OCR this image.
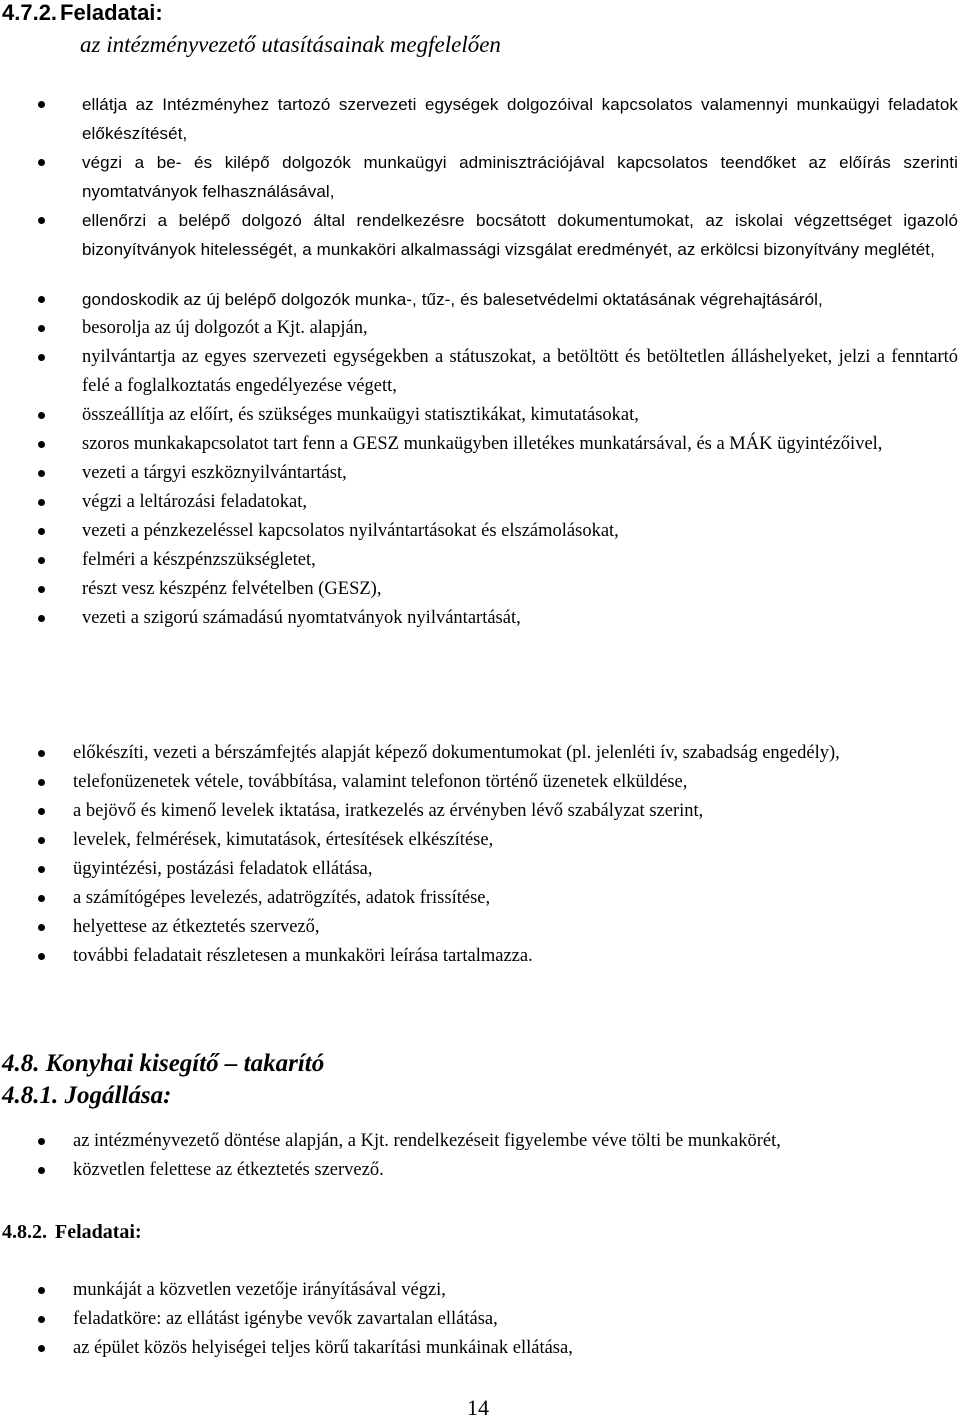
4.7.2. Feladatai:
az intézményvezető utasításainak megfelelően
ellátja az Intézményhez tartozó szervezeti egységek dolgozóival kapcsolatos valamennyi munkaügyi feladatok előkészítését,
végzi a be- és kilépő dolgozók munkaügyi adminisztrációjával kapcsolatos teendőket az előírás szerinti nyomtatványok felhasználásával,
ellenőrzi a belépő dolgozó által rendelkezésre bocsátott dokumentumokat, az iskolai végzettséget igazoló bizonyítványok hitelességét, a munkaköri alkalmassági vizsgálat eredményét, az erkölcsi bizonyítvány meglétét,
gondoskodik az új belépő dolgozók munka-, tűz-, és balesetvédelmi oktatásának végrehajtásáról,
besorolja az új dolgozót a Kjt. alapján,
nyilvántartja az egyes szervezeti egységekben a státuszokat, a betöltött és betöltetlen álláshelyeket, jelzi a fenntartó felé a foglalkoztatás engedélyezése végett,
összeállítja az előírt, és szükséges munkaügyi statisztikákat, kimutatásokat,
szoros munkakapcsolatot tart fenn a GESZ munkaügyben illetékes munkatársával, és a MÁK ügyintézőivel,
vezeti a tárgyi eszköznyilvántartást,
végzi a leltározási feladatokat,
vezeti a pénzkezeléssel kapcsolatos nyilvántartásokat és elszámolásokat,
felméri a készpénzszükségletet,
részt vesz készpénz felvételben (GESZ),
vezeti a szigorú számadású nyomtatványok nyilvántartását,
előkészíti, vezeti a bérszámfejtés alapját képező dokumentumokat (pl. jelenléti ív, szabadság engedély),
telefonüzenetek vétele, továbbítása, valamint telefonon történő üzenetek elküldése,
a bejövő és kimenő levelek iktatása, iratkezelés az érvényben lévő szabályzat szerint,
levelek, felmérések, kimutatások, értesítések elkészítése,
ügyintézési, postázási feladatok ellátása,
a számítógépes levelezés, adatrögzítés, adatok frissítése,
helyettese az étkeztetés szervező,
további feladatait részletesen a munkaköri leírása tartalmazza.
4.8. Konyhai kisegítő – takarító
4.8.1. Jogállása:
az intézményvezető döntése alapján, a Kjt. rendelkezéseit figyelembe véve tölti be munkakörét,
közvetlen felettese az étkeztetés szervező.
4.8.2. Feladatai:
munkáját a közvetlen vezetője irányításával végzi,
feladatköre: az ellátást igénybe vevők zavartalan ellátása,
az épület közös helyiségei teljes körű takarítási munkáinak ellátása,
14
